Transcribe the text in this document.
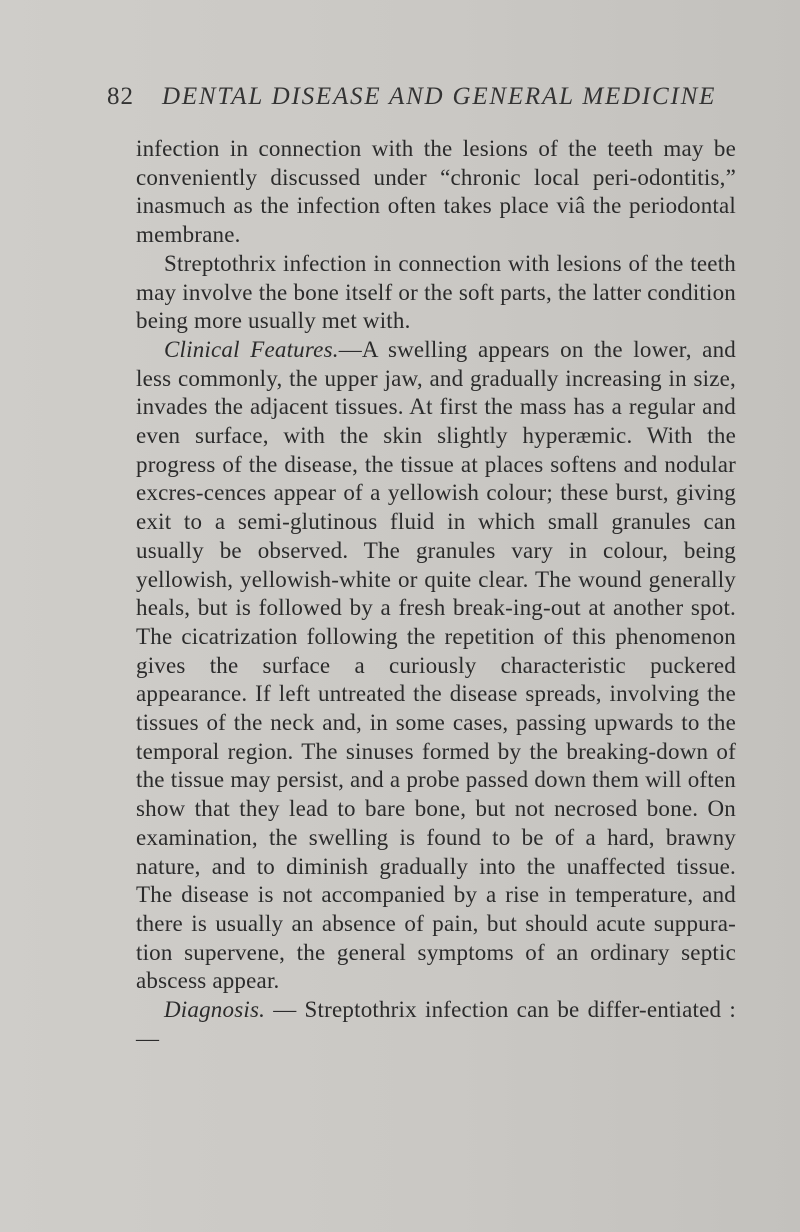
82 DENTAL DISEASE AND GENERAL MEDICINE

infection in connection with the lesions of the teeth may be conveniently discussed under “chronic local peri-odontitis,” inasmuch as the infection often takes place viâ the periodontal membrane.

Streptothrix infection in connection with lesions of the teeth may involve the bone itself or the soft parts, the latter condition being more usually met with.

Clinical Features.—A swelling appears on the lower, and less commonly, the upper jaw, and gradually increasing in size, invades the adjacent tissues. At first the mass has a regular and even surface, with the skin slightly hyperæmic. With the progress of the disease, the tissue at places softens and nodular excres-cences appear of a yellowish colour; these burst, giving exit to a semi-glutinous fluid in which small granules can usually be observed. The granules vary in colour, being yellowish, yellowish-white or quite clear. The wound generally heals, but is followed by a fresh break-ing-out at another spot. The cicatrization following the repetition of this phenomenon gives the surface a curiously characteristic puckered appearance. If left untreated the disease spreads, involving the tissues of the neck and, in some cases, passing upwards to the temporal region. The sinuses formed by the breaking-down of the tissue may persist, and a probe passed down them will often show that they lead to bare bone, but not necrosed bone. On examination, the swelling is found to be of a hard, brawny nature, and to diminish gradually into the unaffected tissue. The disease is not accompanied by a rise in temperature, and there is usually an absence of pain, but should acute suppura-tion supervene, the general symptoms of an ordinary septic abscess appear.

Diagnosis. — Streptothrix infection can be differ-entiated :—
